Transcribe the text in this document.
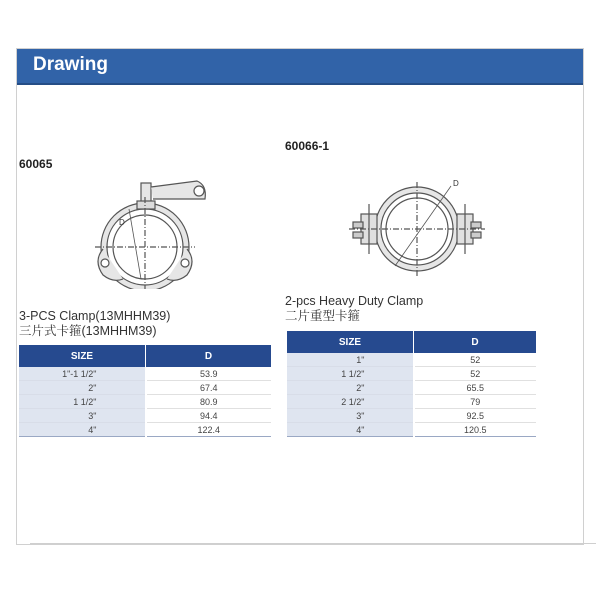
Drawing
60065
D
3-PCS Clamp(13MHHM39)
三片式卡箍(13MHHM39)
SIZE	D
1"-1 1/2"	53.9
2"	67.4
1 1/2"	80.9
3"	94.4
4"	122.4
60066-1
D
2-pcs Heavy Duty Clamp
二片重型卡箍
SIZE	D
1"	52
1 1/2"	52
2"	65.5
2 1/2"	79
3"	92.5
4"	120.5
